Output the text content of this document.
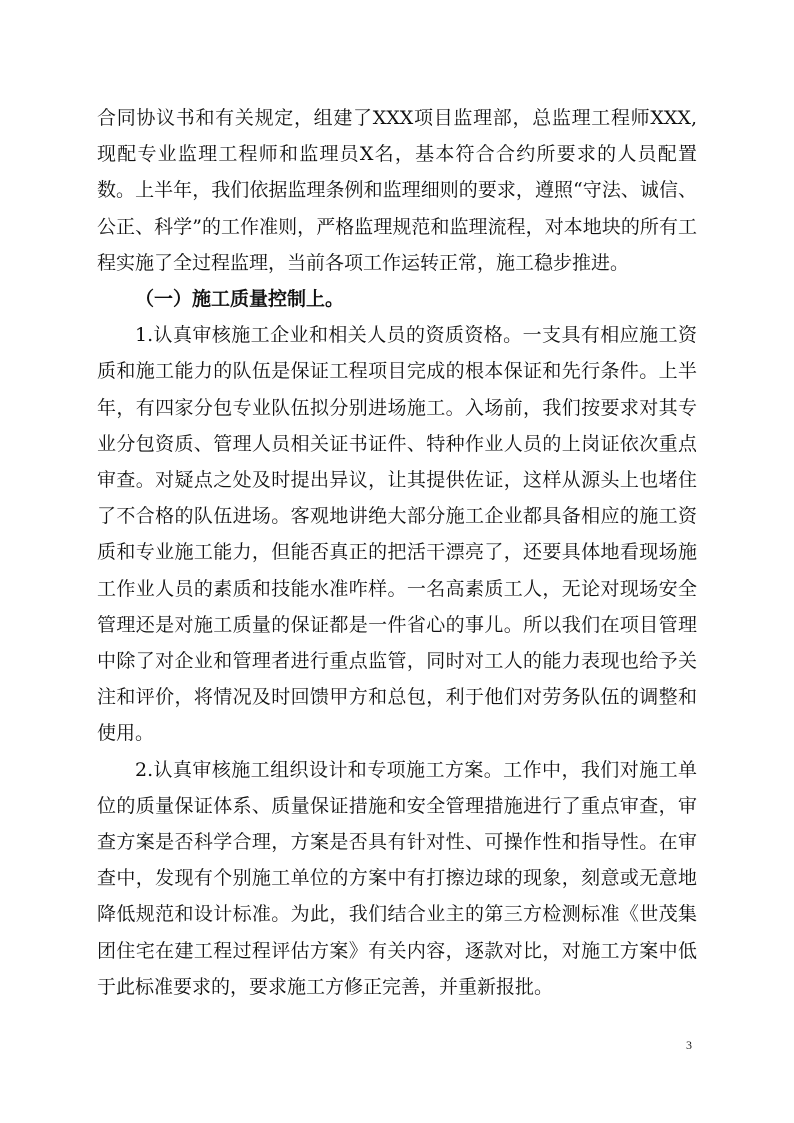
合同协议书和有关规定，组建了XXX项目监理部，总监理工程师XXX,现配专业监理工程师和监理员X名，基本符合合约所要求的人员配置数。上半年，我们依据监理条例和监理细则的要求，遵照“守法、诚信、公正、科学”的工作准则，严格监理规范和监理流程，对本地块的所有工程实施了全过程监理，当前各项工作运转正常，施工稳步推进。

（一）施工质量控制上。

1.认真审核施工企业和相关人员的资质资格。一支具有相应施工资质和施工能力的队伍是保证工程项目完成的根本保证和先行条件。上半年，有四家分包专业队伍拟分别进场施工。入场前，我们按要求对其专业分包资质、管理人员相关证书证件、特种作业人员的上岗证依次重点审查。对疑点之处及时提出异议，让其提供佐证，这样从源头上也堵住了不合格的队伍进场。客观地讲绝大部分施工企业都具备相应的施工资质和专业施工能力，但能否真正的把活干漂亮了，还要具体地看现场施工作业人员的素质和技能水准咋样。一名高素质工人，无论对现场安全管理还是对施工质量的保证都是一件省心的事儿。所以我们在项目管理中除了对企业和管理者进行重点监管，同时对工人的能力表现也给予关注和评价，将情况及时回馈甲方和总包，利于他们对劳务队伍的调整和使用。

2.认真审核施工组织设计和专项施工方案。工作中，我们对施工单位的质量保证体系、质量保证措施和安全管理措施进行了重点审查，审查方案是否科学合理，方案是否具有针对性、可操作性和指导性。在审查中，发现有个别施工单位的方案中有打擦边球的现象，刻意或无意地降低规范和设计标准。为此，我们结合业主的第三方检测标准《世茂集团住宅在建工程过程评估方案》有关内容，逐款对比，对施工方案中低于此标准要求的，要求施工方修正完善，并重新报批。

3
